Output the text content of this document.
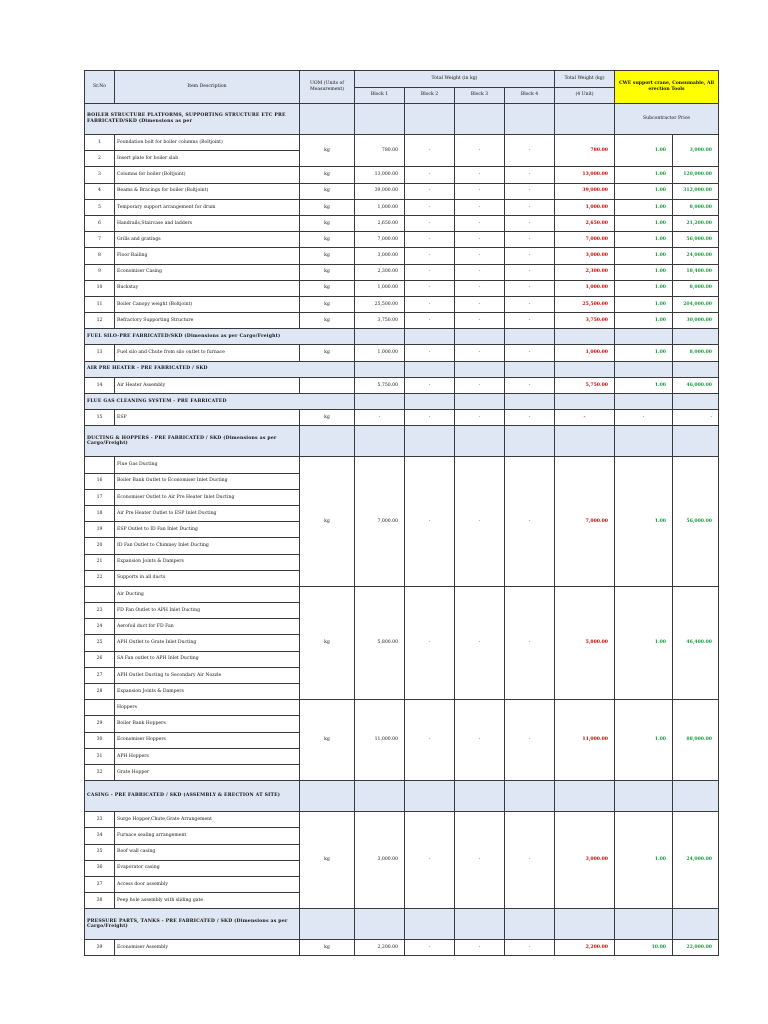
Sr.No	Item Description	UOM (Units of Measurement)	Total Weight (in kg)				Total Weight (kg)	CWE support crane, Consumable, All erection Tools	
			Block 1	Block 2	Block 3	Block 4	(4 Unit)		
BOILER STRUCTURE PLATFORMS, SUPPORTING STRUCTURE ETC PRE FABRICATED/SKD (Dimensions as per								Subcontractor Price	
1	Foundation bolt for boiler columns (Boltjoint)	kg	780.00	-	-	-	780.00	1.00	3,000.00
2	Insert plate for boiler slab								
3	Columns for boiler (Boltjoint)	kg	13,000.00	-	-	-	13,000.00	1.00	120,000.00
4	Beams & Bracings for boiler (Boltjoint)	kg	39,000.00	-	-	-	39,000.00	1.00	312,000.00
5	Temporary support arrangement for drum	kg	1,000.00	-	-	-	1,000.00	1.00	8,000.00
6	Handrails,Staircase and ladders	kg	2,650.00	-	-	-	2,650.00	1.00	21,200.00
7	Grills and gratings	kg	7,000.00	-	-	-	7,000.00	1.00	56,000.00
8	Floor Railing	kg	3,000.00	-	-	-	3,000.00	1.00	24,000.00
9	Economiser Casing	kg	2,300.00	-	-	-	2,300.00	1.00	18,400.00
10	Buckstay	kg	1,000.00	-	-	-	1,000.00	1.00	8,000.00
11	Boiler Canopy weight (Boltjoint)	kg	25,500.00	-	-	-	25,500.00	1.00	204,000.00
12	Refractory Supporting Structure	kg	3,750.00	-	-	-	3,750.00	1.00	30,000.00
FUEL SILO-PRE FABRICATED/SKD (Dimensions as per Cargo/Freight)									
13	Fuel silo and Chute from silo outlet to furnace	kg	1,000.00	-	-	-	1,000.00	1.00	8,000.00
AIR PRE HEATER - PRE FABRICATED / SKD									
14	Air Heater Assembly		5,750.00	-	-	-	5,750.00	1.00	46,000.00
FLUE GAS CLEANING SYSTEM - PRE FABRICATED									
15	ESP	kg	-	-	-	-	-	-	-
DUCTING & HOPPERS - PRE FABRICATED / SKD (Dimensions as per Cargo/Freight)									
	Flue Gas Ducting	kg	7,000.00	-	-	-	7,000.00	1.00	56,000.00
16	Boiler Bank Outlet to Economiser Inlet Ducting								
17	Economiser Outlet to Air Pre Heater Inlet Ducting								
18	Air Pre Heater Outlet to ESP Inlet Ducting								
19	ESP Outlet to ID Fan Inlet Ducting								
20	ID Fan Outlet to Chimney Inlet Ducting								
21	Expansion Joints & Dampers								
22	Supports in all ducts								
	Air Ducting	kg	5,800.00	-	-	-	5,800.00	1.00	46,400.00
23	FD Fan Outlet to APH Inlet Ducting								
24	Aerofoil duct for FD Fan								
25	APH Outlet to Grate Inlet Ducting								
26	SA Fan outlet to APH Inlet Ducting								
27	APH Outlet Ducting to Secondary Air Nozzle								
28	Expansion Joints & Dampers								
	Hoppers	kg	11,000.00	-	-	-	11,000.00	1.00	88,000.00
29	Boiler Bank Hoppers								
30	Economiser Hoppers								
31	APH Hoppers								
32	Grate Hopper								
CASING - PRE FABRICATED / SKD (ASSEMBLY & ERECTION AT SITE)									
33	Surge Hopper,Chute,Grate Arrangement	kg	3,000.00	-	-	-	3,000.00	1.00	24,000.00
34	Furnace sealing arrangement								
35	Roof wall casing								
36	Evaporator casing								
37	Access door assembly								
38	Peep hole assembly with sliding gate								
PRESSURE PARTS, TANKS - PRE FABRICATED / SKD (Dimensions as per Cargo/Freight)									
39	Economiser Assembly	kg	2,200.00	-	-	-	2,200.00	10.00	22,000.00
